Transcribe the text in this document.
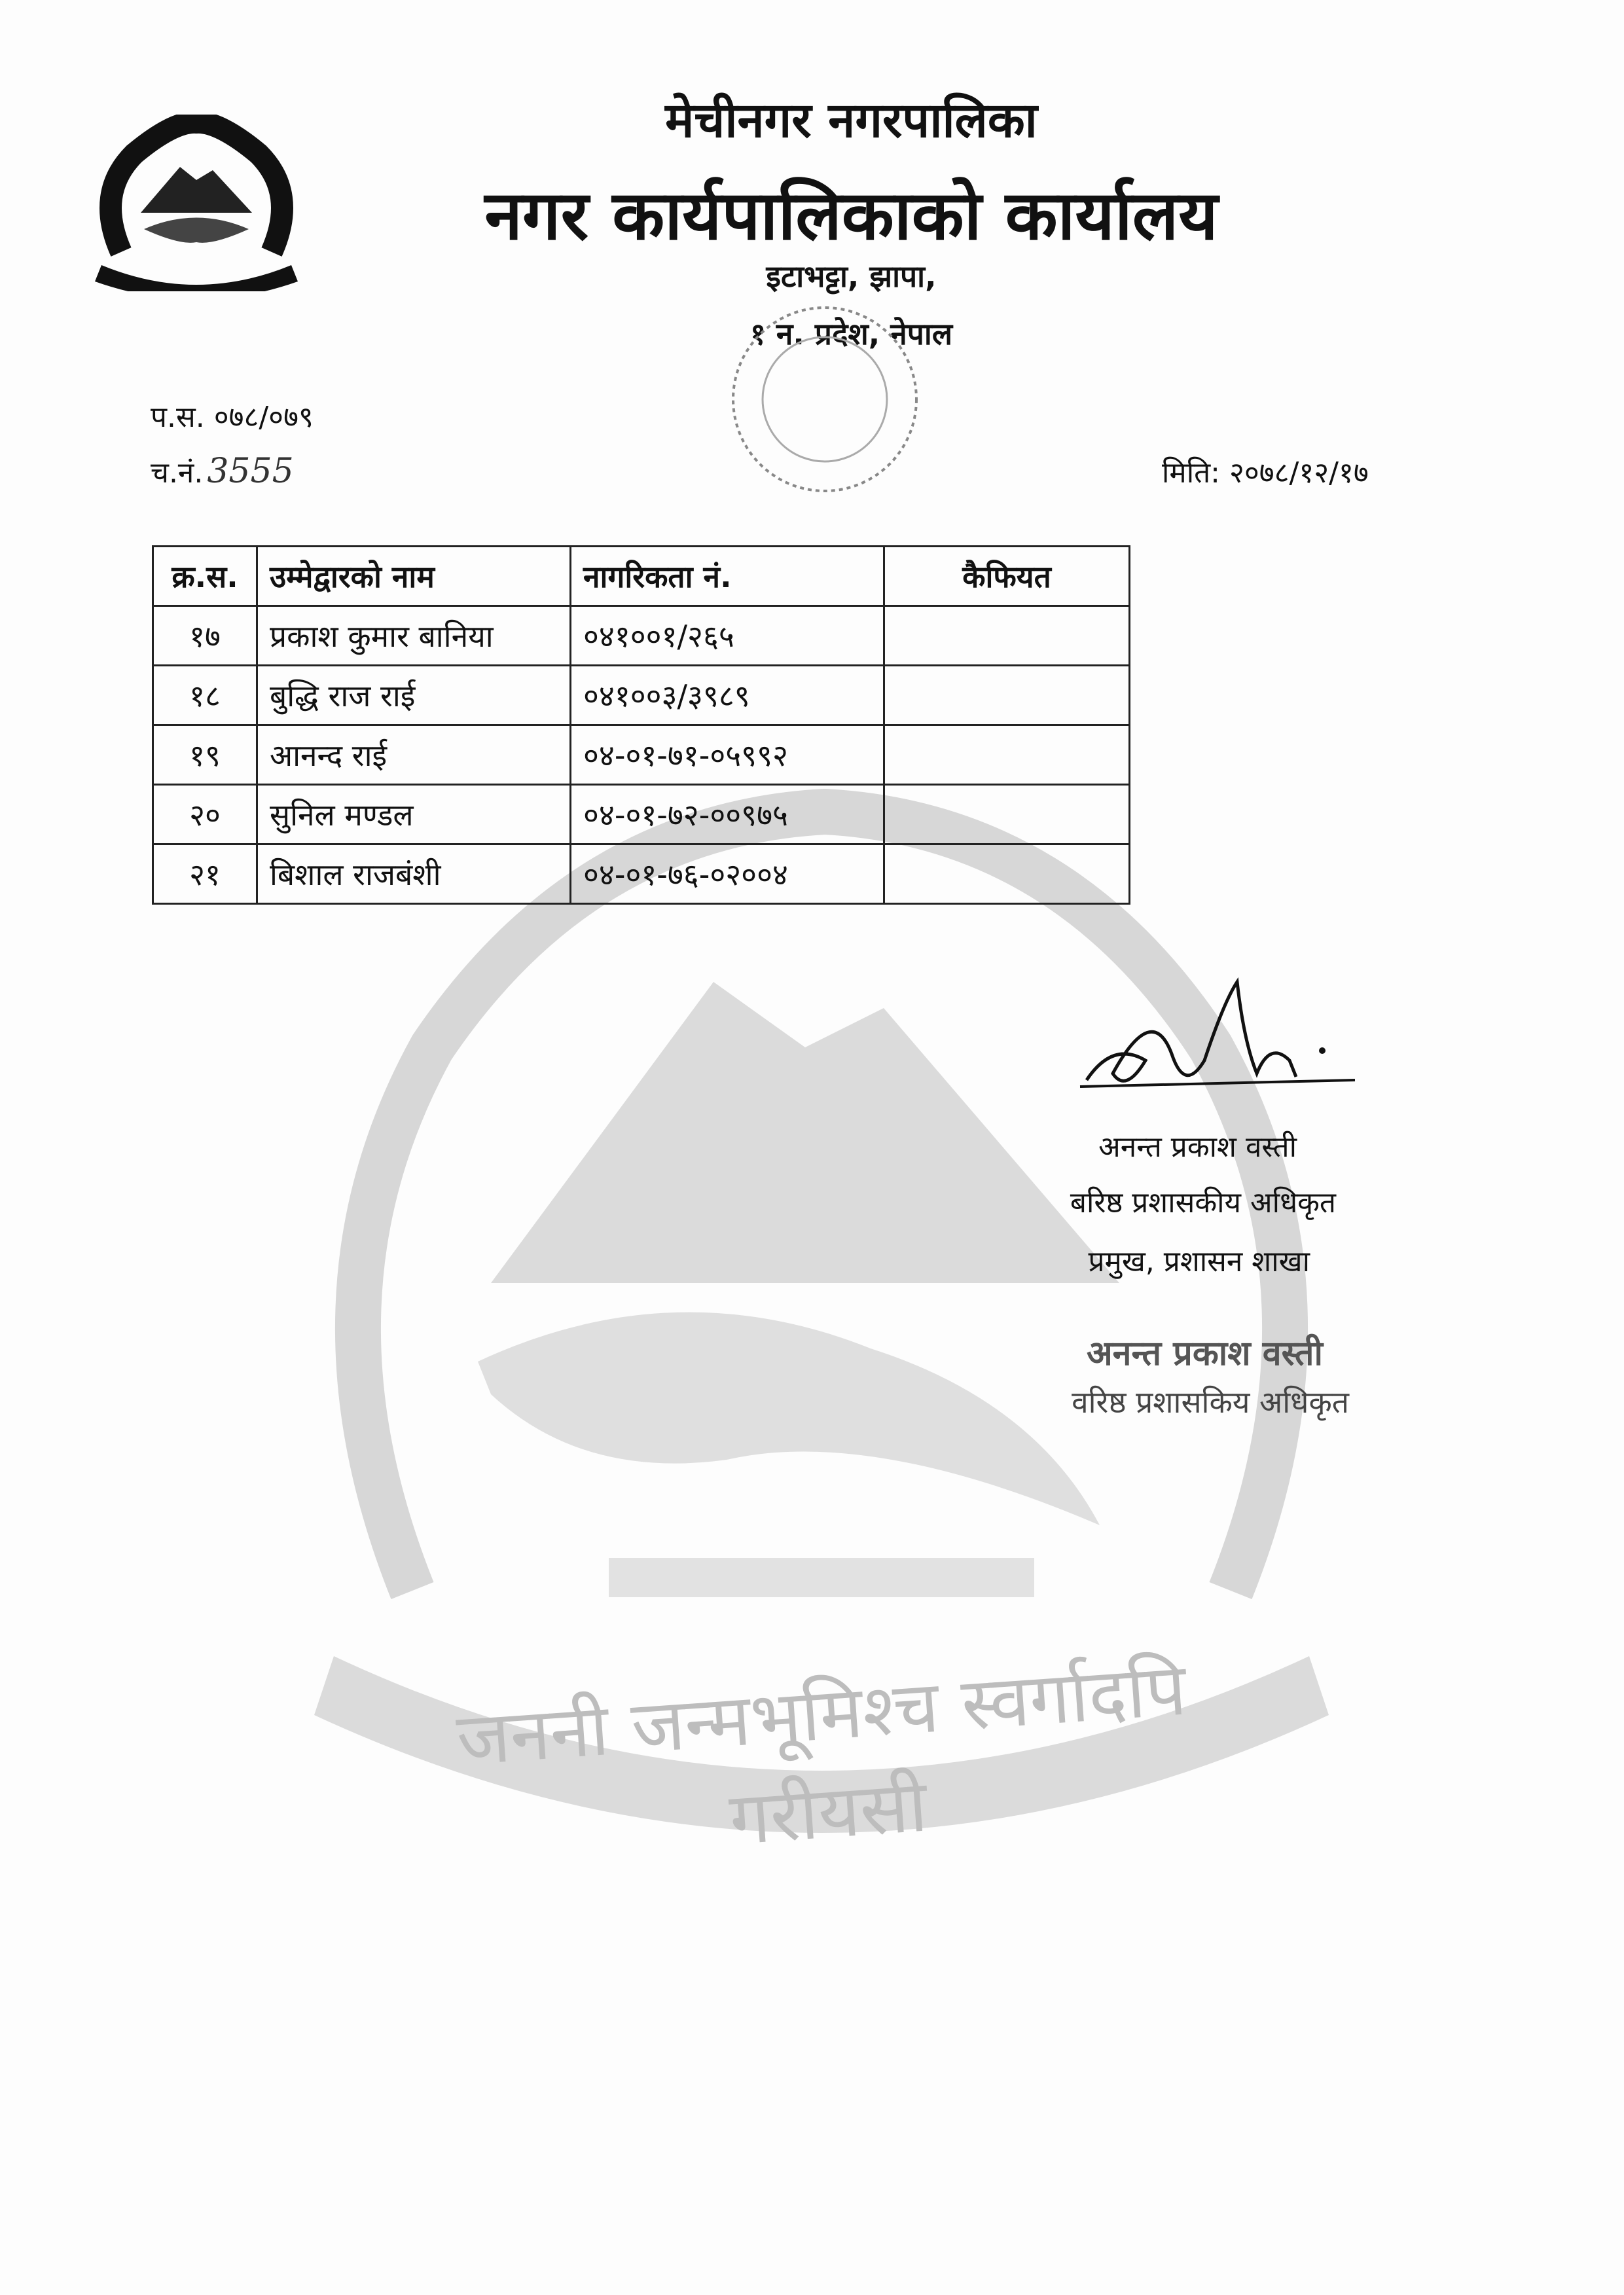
जननी जन्मभूमिश्च स्वर्गादपि गरीयसी
मेचीनगर नगरपालिका
नगर कार्यपालिकाको कार्यालय
इटाभट्टा, झापा,
१ न. प्रदेश, नेपाल
प.स. ०७८/०७९
च.नं. 3555	मिति: २०७८/१२/१७
क्र.स.	उम्मेद्वारको नाम	नागरिकता नं.	कैफियत
१७	प्रकाश कुमार बानिया	०४१००१/२६५	
१८	बुद्धि राज राई	०४१००३/३९८९	
१९	आनन्द राई	०४-०१-७१-०५९९२	
२०	सुनिल मण्डल	०४-०१-७२-००९७५	
२१	बिशाल राजबंशी	०४-०१-७६-०२००४	
अनन्त प्रकाश वस्ती
बरिष्ठ प्रशासकीय अधिकृत
प्रमुख, प्रशासन शाखा
अनन्त प्रकाश वस्ती
वरिष्ठ प्रशासकिय अधिकृत
